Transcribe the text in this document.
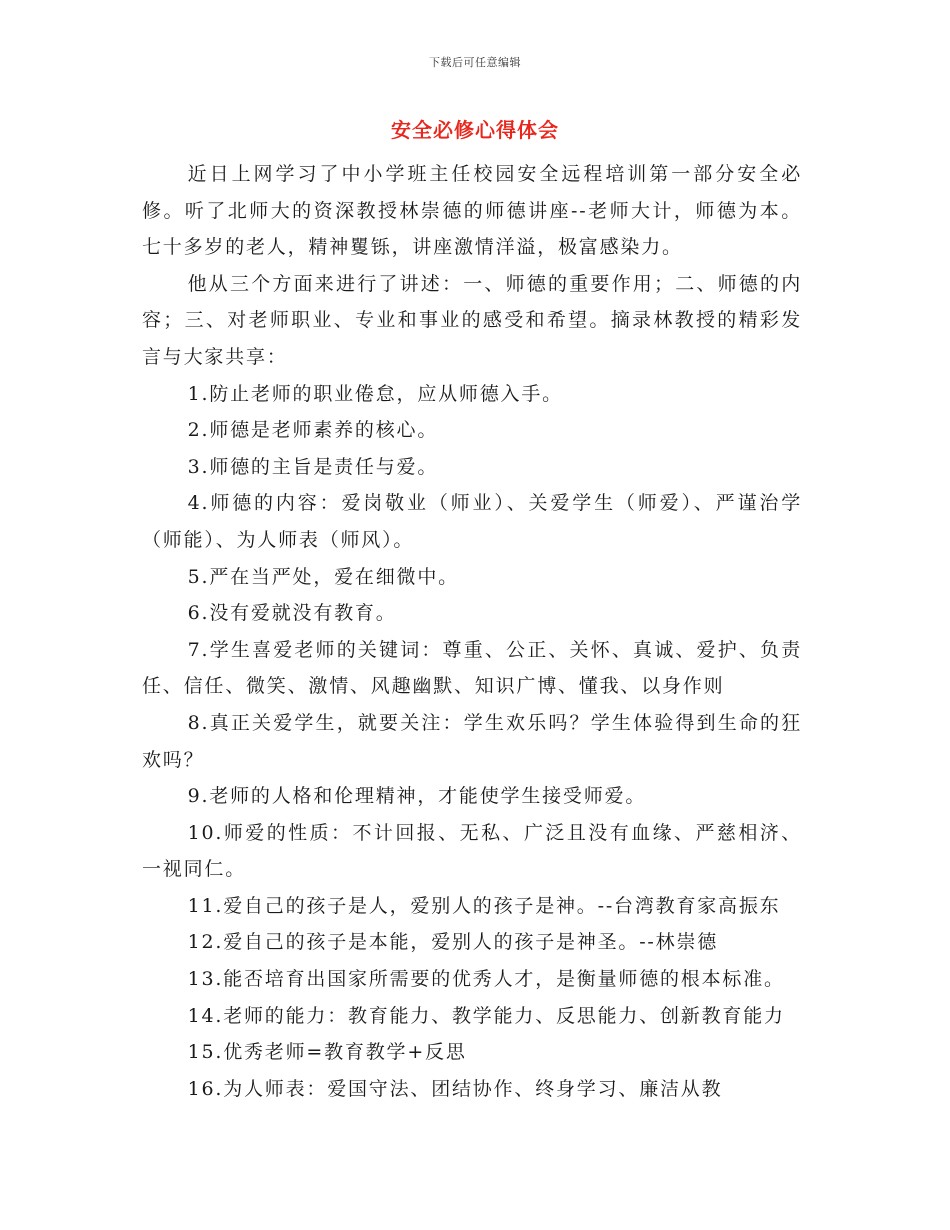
下载后可任意编辑
安全必修心得体会

近日上网学习了中小学班主任校园安全远程培训第一部分安全必修。听了北师大的资深教授林崇德的师德讲座--老师大计，师德为本。七十多岁的老人，精神矍铄，讲座激情洋溢，极富感染力。

他从三个方面来进行了讲述：一、师德的重要作用；二、师德的内容；三、对老师职业、专业和事业的感受和希望。摘录林教授的精彩发言与大家共享：

1.防止老师的职业倦怠，应从师德入手。

2.师德是老师素养的核心。

3.师德的主旨是责任与爱。

4.师德的内容：爱岗敬业（师业）、关爱学生（师爱）、严谨治学（师能）、为人师表（师风）。

5.严在当严处，爱在细微中。

6.没有爱就没有教育。

7.学生喜爱老师的关键词：尊重、公正、关怀、真诚、爱护、负责任、信任、微笑、激情、风趣幽默、知识广博、懂我、以身作则

8.真正关爱学生，就要关注：学生欢乐吗？学生体验得到生命的狂欢吗？

9.老师的人格和伦理精神，才能使学生接受师爱。

10.师爱的性质：不计回报、无私、广泛且没有血缘、严慈相济、一视同仁。

11.爱自己的孩子是人，爱别人的孩子是神。--台湾教育家高振东

12.爱自己的孩子是本能，爱别人的孩子是神圣。--林崇德

13.能否培育出国家所需要的优秀人才，是衡量师德的根本标准。

14.老师的能力：教育能力、教学能力、反思能力、创新教育能力

15.优秀老师=教育教学+反思

16.为人师表：爱国守法、团结协作、终身学习、廉洁从教
